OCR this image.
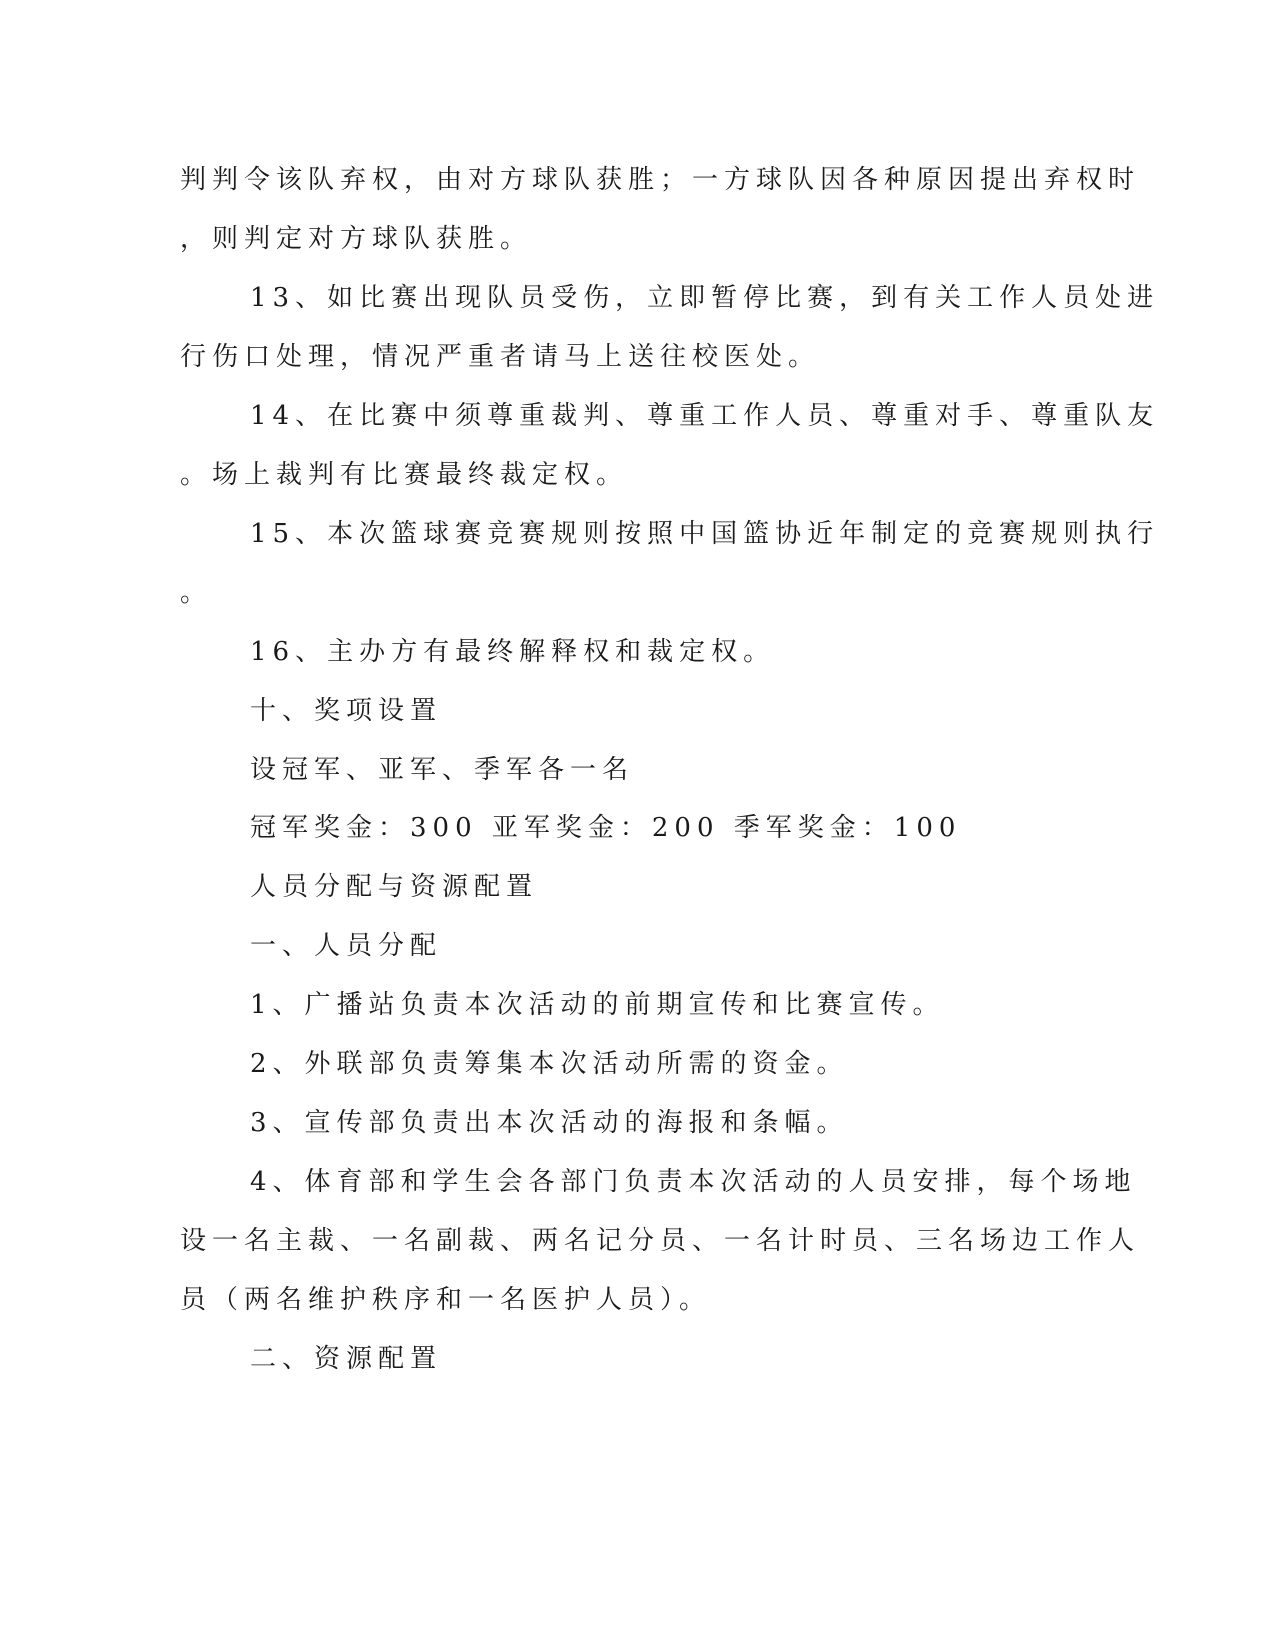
判判令该队弃权，由对方球队获胜；一方球队因各种原因提出弃权时
，则判定对方球队获胜。
13、如比赛出现队员受伤，立即暂停比赛，到有关工作人员处进
行伤口处理，情况严重者请马上送往校医处。
14、在比赛中须尊重裁判、尊重工作人员、尊重对手、尊重队友
。场上裁判有比赛最终裁定权。
15、本次篮球赛竞赛规则按照中国篮协近年制定的竞赛规则执行
。
16、主办方有最终解释权和裁定权。
十、奖项设置
设冠军、亚军、季军各一名
冠军奖金：300 亚军奖金：200 季军奖金：100
人员分配与资源配置
一、人员分配
1、广播站负责本次活动的前期宣传和比赛宣传。
2、外联部负责筹集本次活动所需的资金。
3、宣传部负责出本次活动的海报和条幅。
4、体育部和学生会各部门负责本次活动的人员安排，每个场地
设一名主裁、一名副裁、两名记分员、一名计时员、三名场边工作人
员（两名维护秩序和一名医护人员）。
二、资源配置
